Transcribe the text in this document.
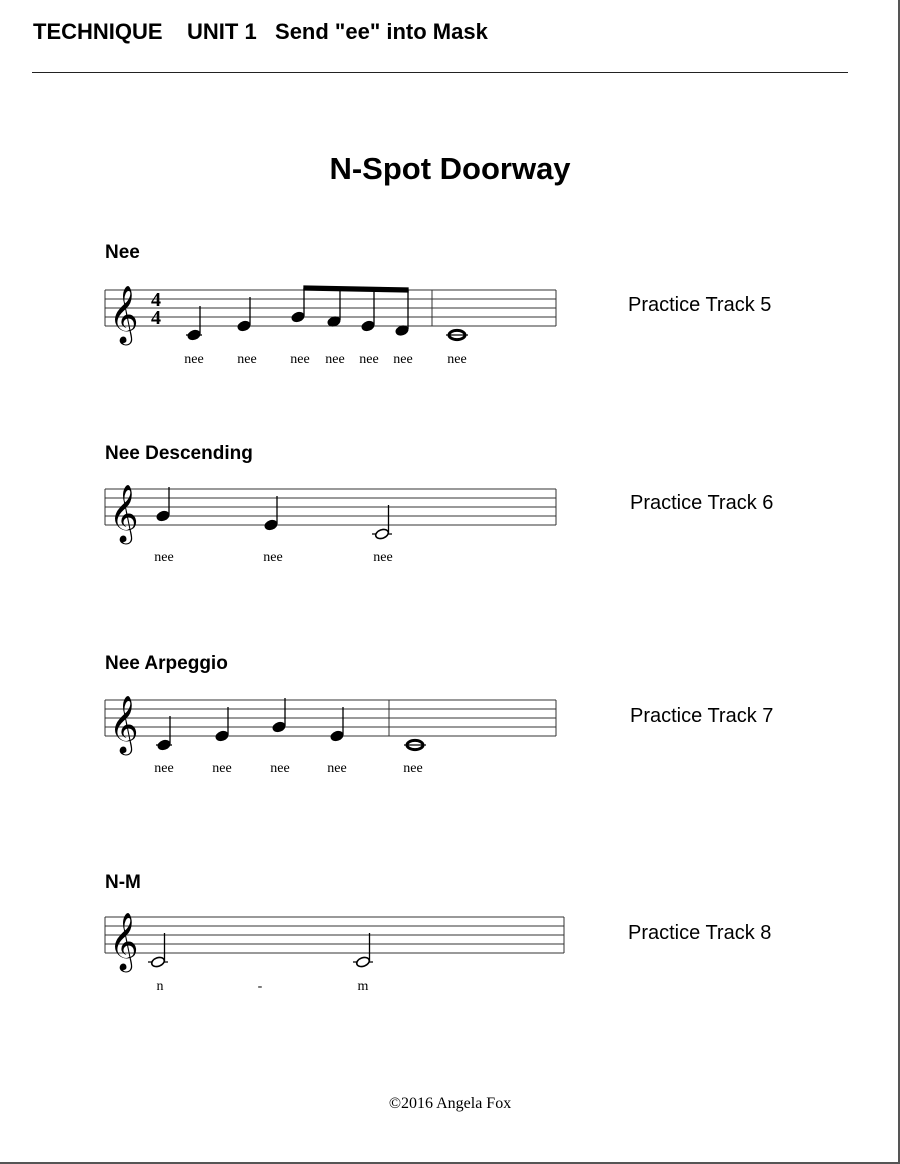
TECHNIQUE    UNIT 1   Send "ee" into Mask
N-Spot Doorway
Nee
Practice Track 5
Nee Descending
Practice Track 6
Nee Arpeggio
Practice Track 7
N-M
Practice Track 8
𝄞
𝄞
𝄞
𝄞
4
4
nee nee nee nee nee nee nee
nee	nee	nee
nee	nee	nee	nee	nee
n	-	m
©2016 Angela Fox
